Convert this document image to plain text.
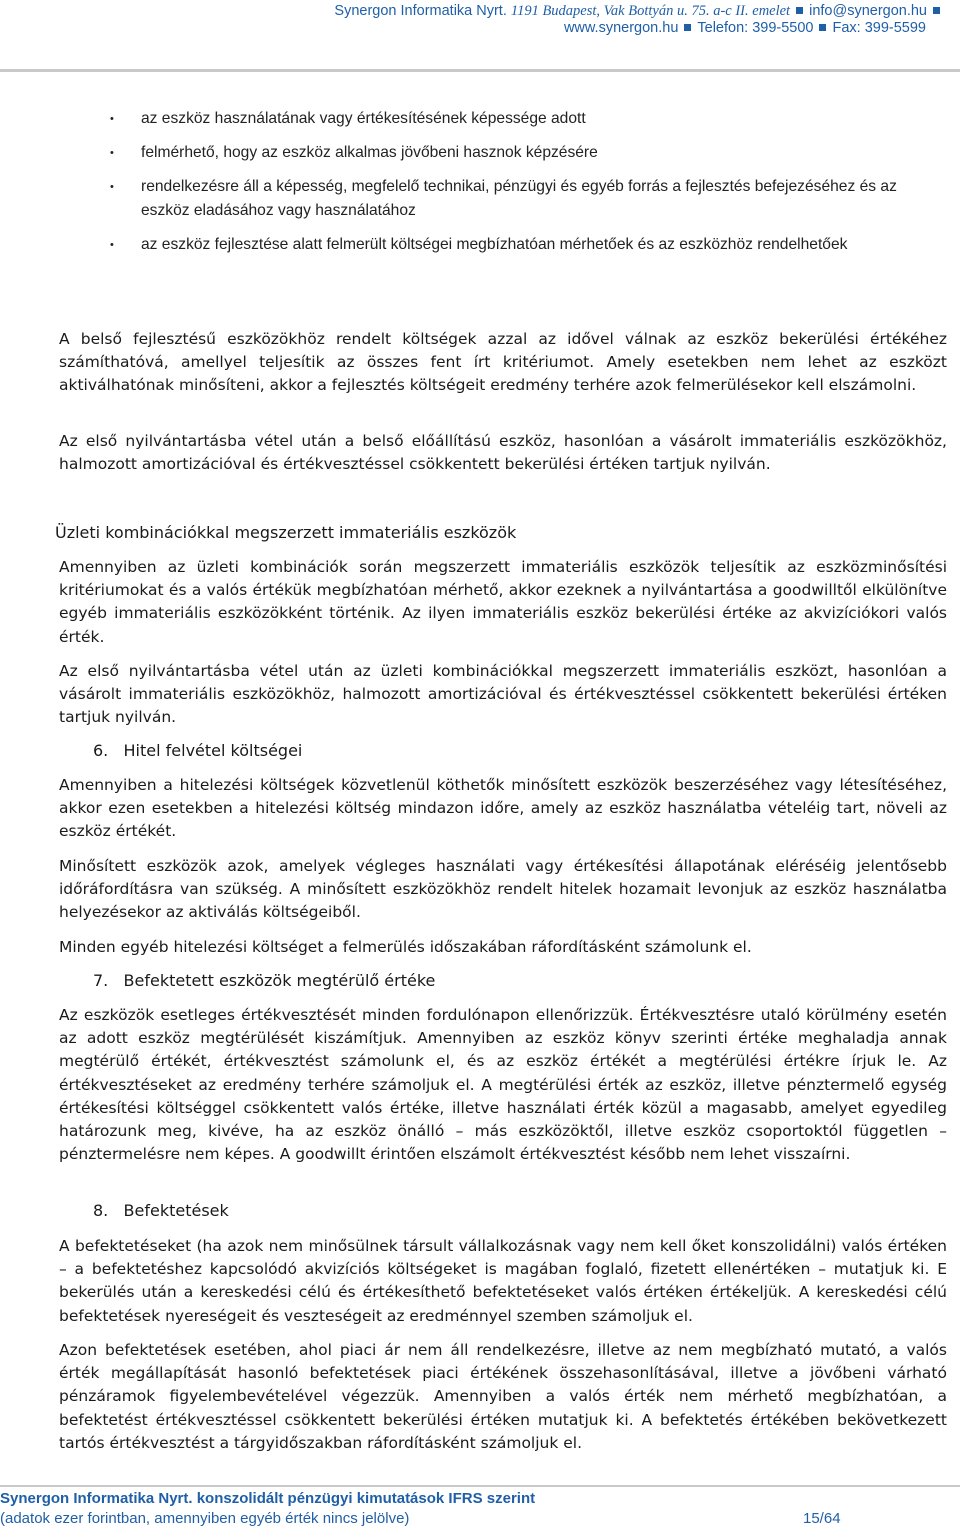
Synergon Informatika Nyrt. 1191 Budapest, Vak Bottyán u. 75. a-c II. emelet info@synergon.hu
www.synergon.hu Telefon: 399-5500 Fax: 399-5599
• az eszköz használatának vagy értékesítésének képessége adott
• felmérhető, hogy az eszköz alkalmas jövőbeni hasznok képzésére
• rendelkezésre áll a képesség, megfelelő technikai, pénzügyi és egyéb forrás a fejlesztés befejezéséhez és az eszköz eladásához vagy használatához
• az eszköz fejlesztése alatt felmerült költségei megbízhatóan mérhetőek és az eszközhöz rendelhetőek

A belső fejlesztésű eszközökhöz rendelt költségek azzal az idővel válnak az eszköz bekerülési értékéhez számíthatóvá, amellyel teljesítik az összes fent írt kritériumot. Amely esetekben nem lehet az eszközt aktiválhatónak minősíteni, akkor a fejlesztés költségeit eredmény terhére azok felmerülésekor kell elszámolni.

Az első nyilvántartásba vétel után a belső előállítású eszköz, hasonlóan a vásárolt immateriális eszközökhöz, halmozott amortizációval és értékvesztéssel csökkentett bekerülési értéken tartjuk nyilván.

Üzleti kombinációkkal megszerzett immateriális eszközök

Amennyiben az üzleti kombinációk során megszerzett immateriális eszközök teljesítik az eszközminősítési kritériumokat és a valós értékük megbízhatóan mérhető, akkor ezeknek a nyilvántartása a goodwilltől elkülönítve egyéb immateriális eszközökként történik. Az ilyen immateriális eszköz bekerülési értéke az akvizíciókori valós érték.

Az első nyilvántartásba vétel után az üzleti kombinációkkal megszerzett immateriális eszközt, hasonlóan a vásárolt immateriális eszközökhöz, halmozott amortizációval és értékvesztéssel csökkentett bekerülési értéken tartjuk nyilván.

6.   Hitel felvétel költségei

Amennyiben a hitelezési költségek közvetlenül köthetők minősített eszközök beszerzéséhez vagy létesítéséhez, akkor ezen esetekben a hitelezési költség mindazon időre, amely az eszköz használatba vételéig tart, növeli az eszköz értékét.

Minősített eszközök azok, amelyek végleges használati vagy értékesítési állapotának eléréséig jelentősebb időráfordításra van szükség. A minősített eszközökhöz rendelt hitelek hozamait levonjuk az eszköz használatba helyezésekor az aktiválás költségeiből.

Minden egyéb hitelezési költséget a felmerülés időszakában ráfordításként számolunk el.

7.   Befektetett eszközök megtérülő értéke

Az eszközök esetleges értékvesztését minden fordulónapon ellenőrizzük. Értékvesztésre utaló körülmény esetén az adott eszköz megtérülését kiszámítjuk. Amennyiben az eszköz könyv szerinti értéke meghaladja annak megtérülő értékét, értékvesztést számolunk el, és az eszköz értékét a megtérülési értékre írjuk le. Az értékvesztéseket az eredmény terhére számoljuk el. A megtérülési érték az eszköz, illetve pénztermelő egység értékesítési költséggel csökkentett valós értéke, illetve használati érték közül a magasabb, amelyet egyedileg határozunk meg, kivéve, ha az eszköz önálló – más eszközöktől, illetve eszköz csoportoktól független – pénztermelésre nem képes. A goodwillt érintően elszámolt értékvesztést később nem lehet visszaírni.

8.   Befektetések

A befektetéseket (ha azok nem minősülnek társult vállalkozásnak vagy nem kell őket konszolidálni) valós értéken – a befektetéshez kapcsolódó akvizíciós költségeket is magában foglaló, fizetett ellenértéken – mutatjuk ki. E bekerülés után a kereskedési célú és értékesíthető befektetéseket valós értéken értékeljük. A kereskedési célú befektetések nyereségeit és veszteségeit az eredménnyel szemben számoljuk el.

Azon befektetések esetében, ahol piaci ár nem áll rendelkezésre, illetve az nem megbízható mutató, a valós érték megállapítását hasonló befektetések piaci értékének összehasonlításával, illetve a jövőbeni várható pénzáramok figyelembevételével végezzük. Amennyiben a valós érték nem mérhető megbízhatóan, a befektetést értékvesztéssel csökkentett bekerülési értéken mutatjuk ki. A befektetés értékében bekövetkezett tartós értékvesztést a tárgyidőszakban ráfordításként számoljuk el.

Synergon Informatika Nyrt. konszolidált pénzügyi kimutatások IFRS szerint
(adatok ezer forintban, amennyiben egyéb érték nincs jelölve)	15/64
